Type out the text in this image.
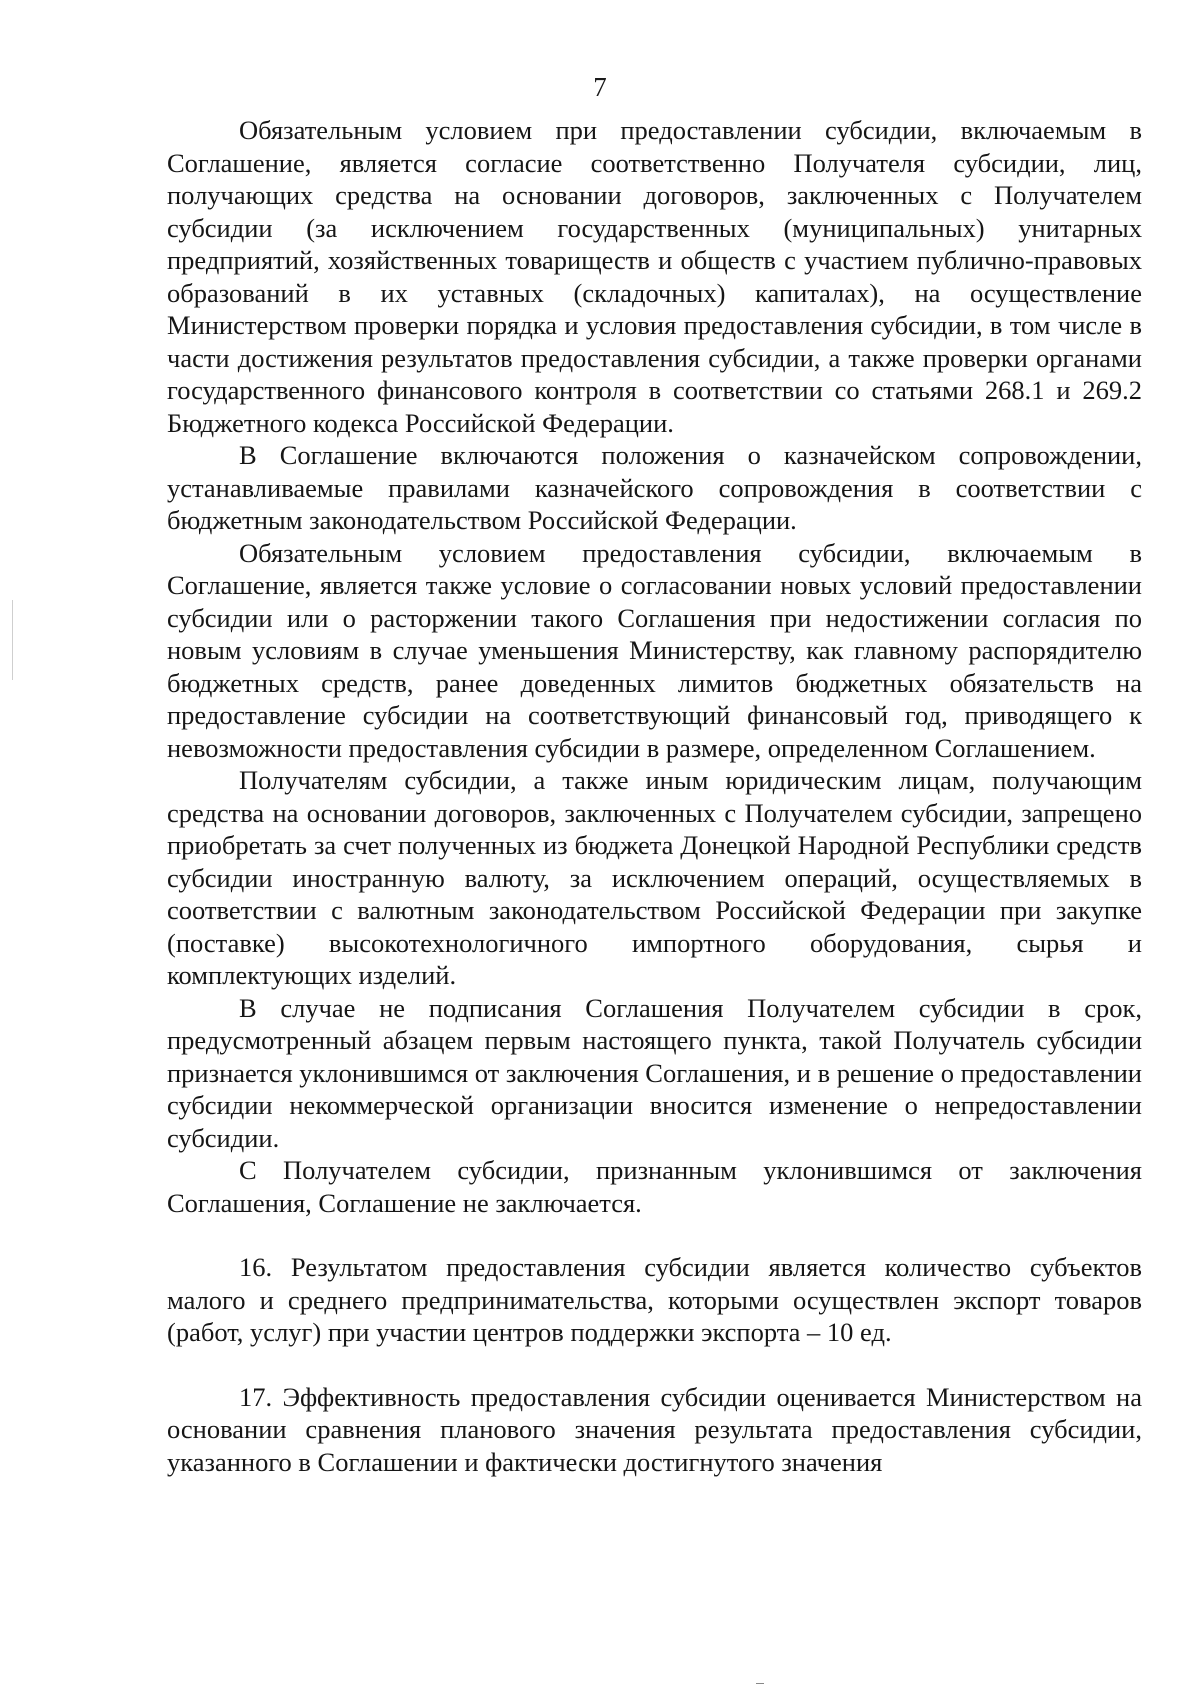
7

Обязательным условием при предоставлении субсидии, включаемым в Соглашение, является согласие соответственно Получателя субсидии, лиц, получающих средства на основании договоров, заключенных с Получателем субсидии (за исключением государственных (муниципальных) унитарных предприятий, хозяйственных товариществ и обществ с участием публично-правовых образований в их уставных (складочных) капиталах), на осуществление Министерством проверки порядка и условия предоставления субсидии, в том числе в части достижения результатов предоставления субсидии, а также проверки органами государственного финансового контроля в соответствии со статьями 268.1 и 269.2 Бюджетного кодекса Российской Федерации.

В Соглашение включаются положения о казначейском сопровождении, устанавливаемые правилами казначейского сопровождения в соответствии с бюджетным законодательством Российской Федерации.

Обязательным условием предоставления субсидии, включаемым в Соглашение, является также условие о согласовании новых условий предоставлении субсидии или о расторжении такого Соглашения при недостижении согласия по новым условиям в случае уменьшения Министерству, как главному распорядителю бюджетных средств, ранее доведенных лимитов бюджетных обязательств на предоставление субсидии на соответствующий финансовый год, приводящего к невозможности предоставления субсидии в размере, определенном Соглашением.

Получателям субсидии, а также иным юридическим лицам, получающим средства на основании договоров, заключенных с Получателем субсидии, запрещено приобретать за счет полученных из бюджета Донецкой Народной Республики средств субсидии иностранную валюту, за исключением операций, осуществляемых в соответствии с валютным законодательством Российской Федерации при закупке (поставке) высокотехнологичного импортного оборудования, сырья и комплектующих изделий.

В случае не подписания Соглашения Получателем субсидии в срок, предусмотренный абзацем первым настоящего пункта, такой Получатель субсидии признается уклонившимся от заключения Соглашения, и в решение о предоставлении субсидии некоммерческой организации вносится изменение о непредоставлении субсидии.

С Получателем субсидии, признанным уклонившимся от заключения Соглашения, Соглашение не заключается.

16. Результатом предоставления субсидии является количество субъектов малого и среднего предпринимательства, которыми осуществлен экспорт товаров (работ, услуг) при участии центров поддержки экспорта – 10 ед.

17. Эффективность предоставления субсидии оценивается Министерством на основании сравнения планового значения результата предоставления субсидии, указанного в Соглашении и фактически достигнутого значения
